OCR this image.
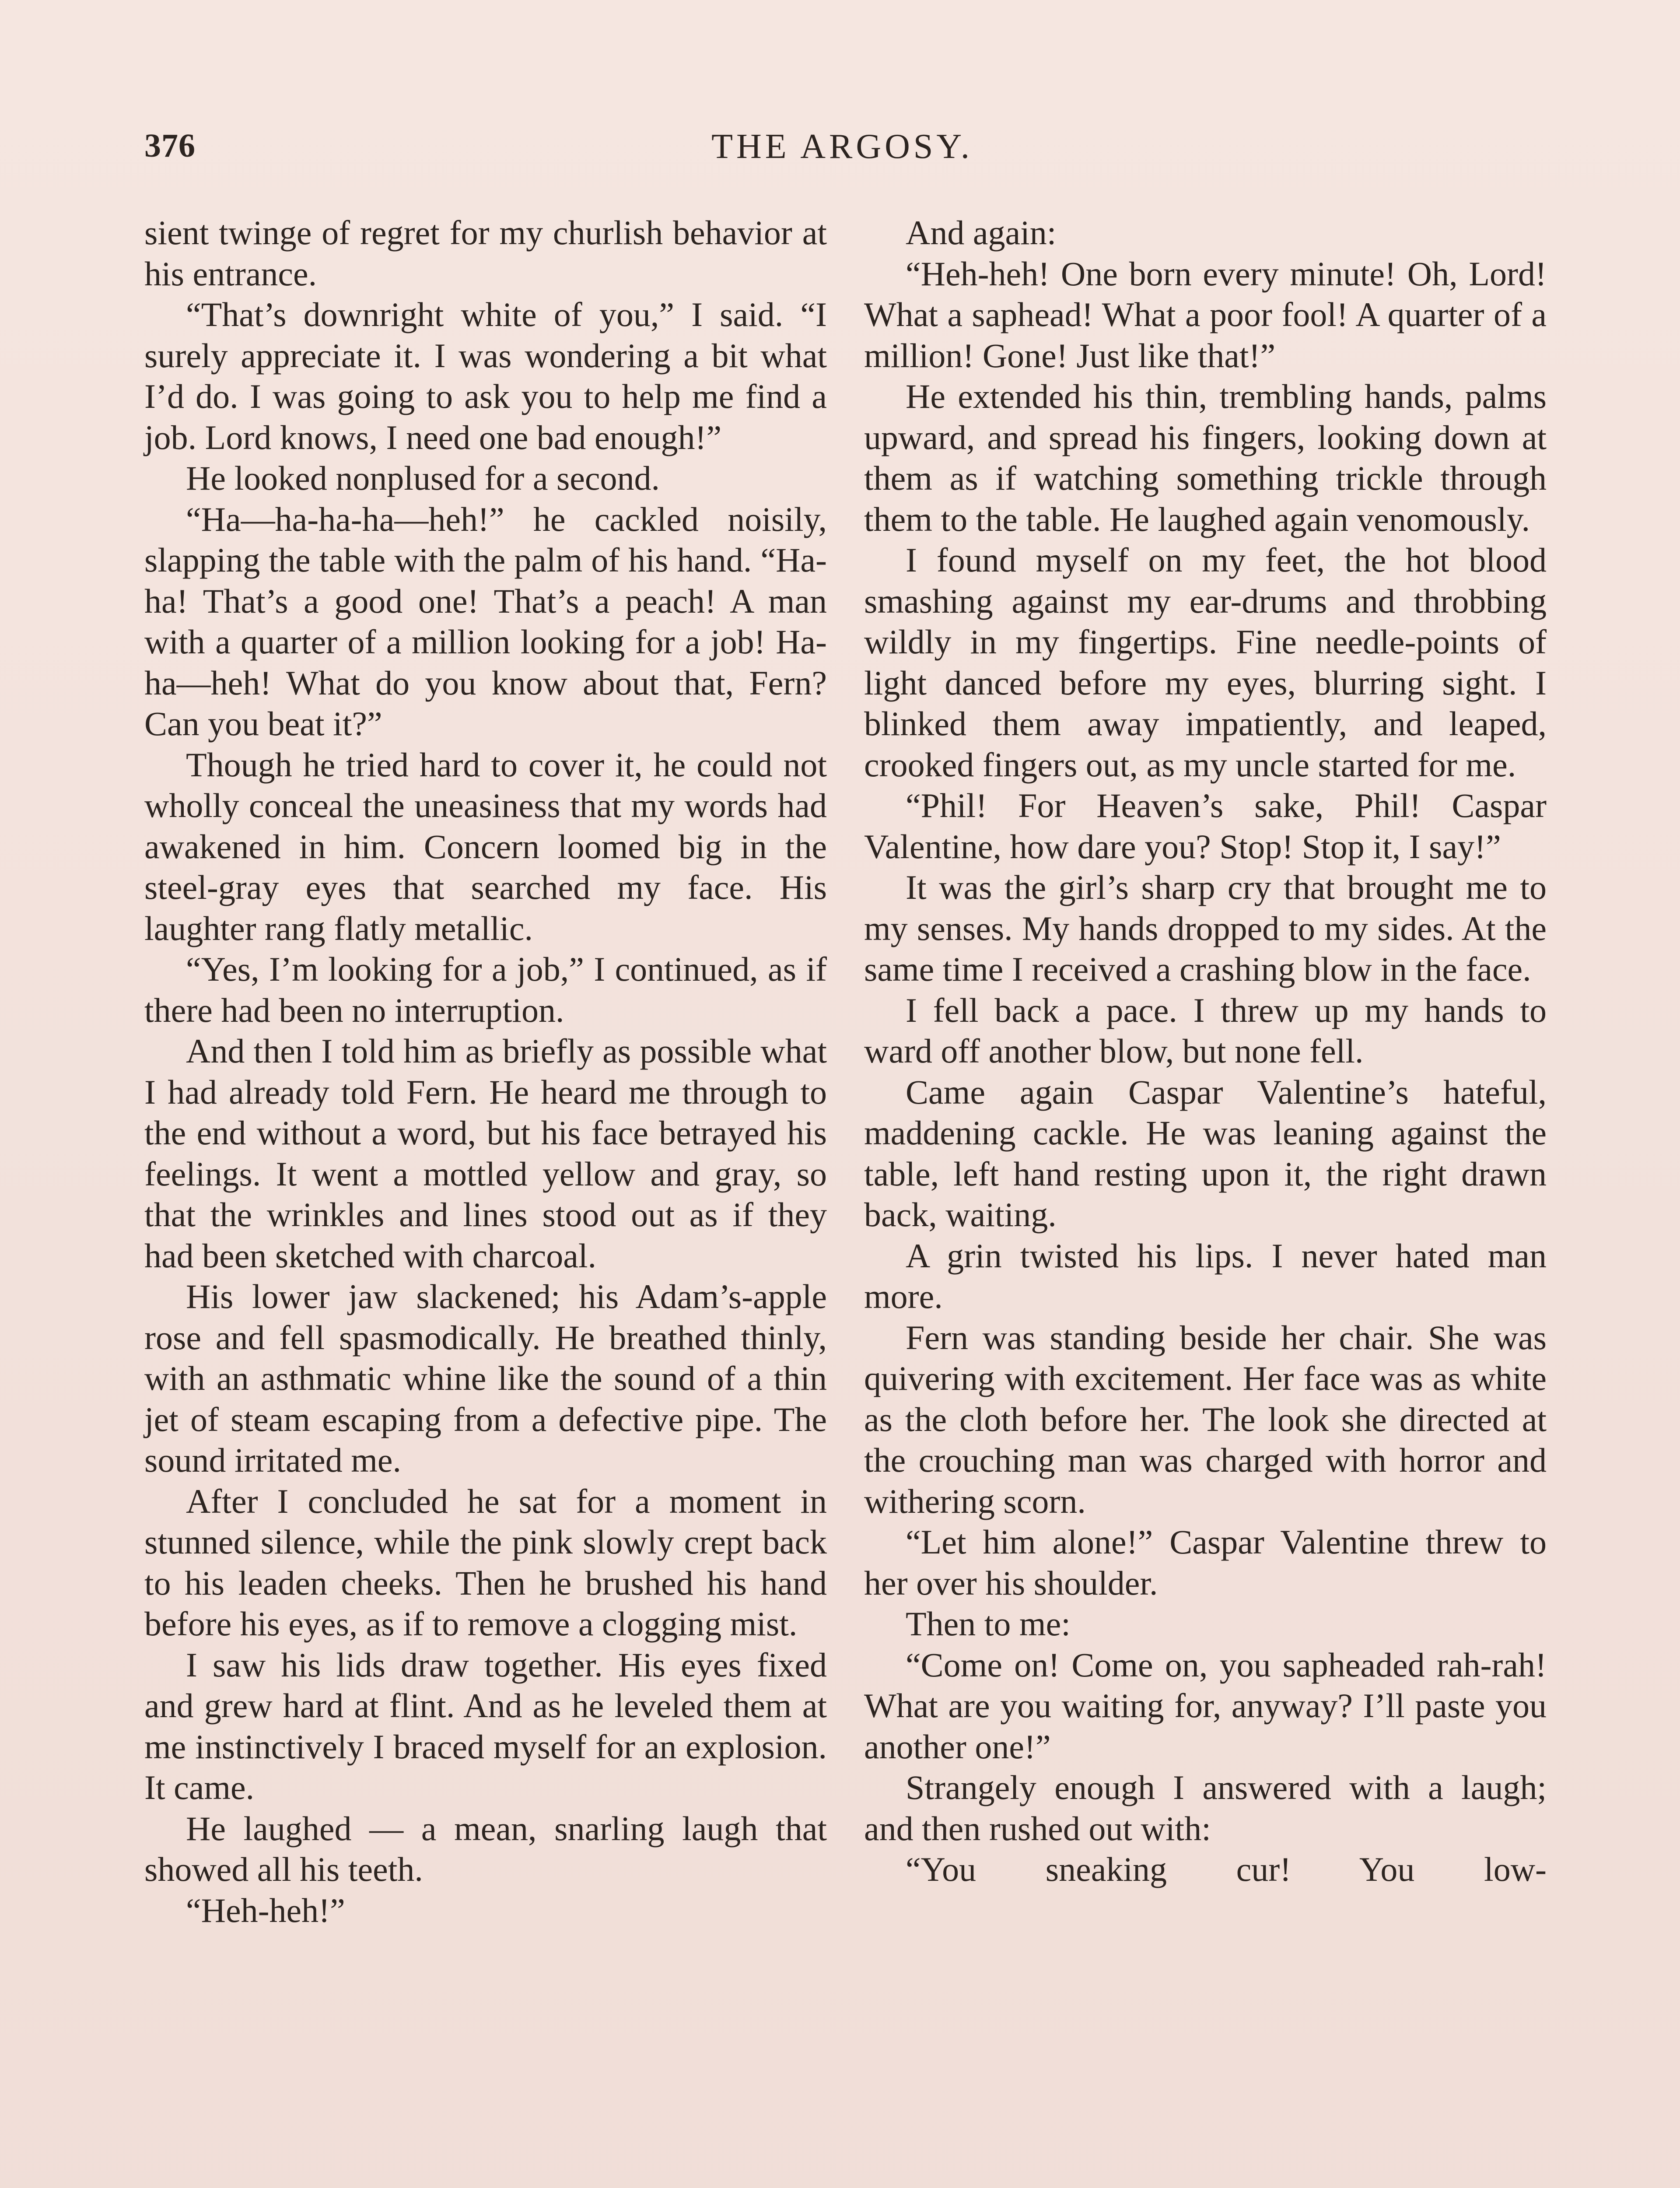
376	THE ARGOSY.

sient twinge of regret for my churlish behavior at his entrance.

“That’s downright white of you,” I said. “I surely appreciate it. I was wondering a bit what I’d do. I was going to ask you to help me find a job. Lord knows, I need one bad enough!”

He looked nonplused for a second.

“Ha—ha-ha-ha—heh!” he cackled noisily, slapping the table with the palm of his hand. “Ha-ha! That’s a good one! That’s a peach! A man with a quarter of a million looking for a job! Ha-ha—heh! What do you know about that, Fern? Can you beat it?”

Though he tried hard to cover it, he could not wholly conceal the uneasiness that my words had awakened in him. Concern loomed big in the steel-gray eyes that searched my face. His laughter rang flatly metallic.

“Yes, I’m looking for a job,” I continued, as if there had been no interruption.

And then I told him as briefly as possible what I had already told Fern. He heard me through to the end without a word, but his face betrayed his feelings. It went a mottled yellow and gray, so that the wrinkles and lines stood out as if they had been sketched with charcoal.

His lower jaw slackened; his Adam’s-apple rose and fell spasmodically. He breathed thinly, with an asthmatic whine like the sound of a thin jet of steam escaping from a defective pipe. The sound irritated me.

After I concluded he sat for a moment in stunned silence, while the pink slowly crept back to his leaden cheeks. Then he brushed his hand before his eyes, as if to remove a clogging mist.

I saw his lids draw together. His eyes fixed and grew hard at flint. And as he leveled them at me instinctively I braced myself for an explosion. It came.

He laughed — a mean, snarling laugh that showed all his teeth.

“Heh-heh!”

And again:

“Heh-heh! One born every minute! Oh, Lord! What a saphead! What a poor fool! A quarter of a million! Gone! Just like that!”

He extended his thin, trembling hands, palms upward, and spread his fingers, looking down at them as if watching something trickle through them to the table. He laughed again venomously.

I found myself on my feet, the hot blood smashing against my ear-drums and throbbing wildly in my fingertips. Fine needle-points of light danced before my eyes, blurring sight. I blinked them away impatiently, and leaped, crooked fingers out, as my uncle started for me.

“Phil! For Heaven’s sake, Phil! Caspar Valentine, how dare you? Stop! Stop it, I say!”

It was the girl’s sharp cry that brought me to my senses. My hands dropped to my sides. At the same time I received a crashing blow in the face.

I fell back a pace. I threw up my hands to ward off another blow, but none fell.

Came again Caspar Valentine’s hateful, maddening cackle. He was leaning against the table, left hand resting upon it, the right drawn back, waiting.

A grin twisted his lips. I never hated man more.

Fern was standing beside her chair. She was quivering with excitement. Her face was as white as the cloth before her. The look she directed at the crouching man was charged with horror and withering scorn.

“Let him alone!” Caspar Valentine threw to her over his shoulder.

Then to me:

“Come on! Come on, you sapheaded rah-rah! What are you waiting for, anyway? I’ll paste you another one!”

Strangely enough I answered with a laugh; and then rushed out with:

“You sneaking cur! You low-
